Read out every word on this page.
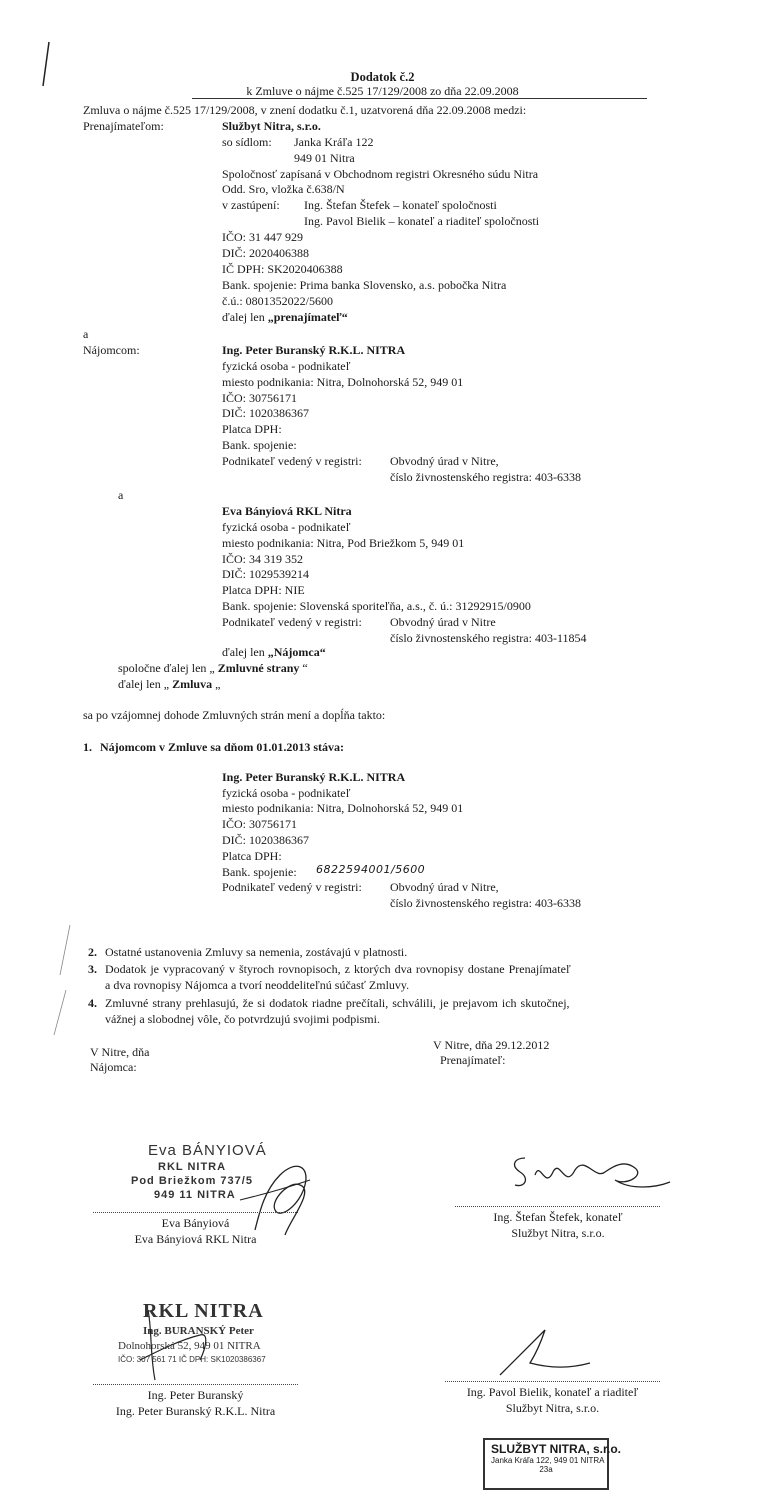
Dodatok č.2
k Zmluve o nájme č.525 17/129/2008 zo dňa 22.09.2008
Zmluva o nájme č.525 17/129/2008, v znení dodatku č.1, uzatvorená dňa 22.09.2008 medzi:
Prenajímateľom:	Službyt Nitra, s.r.o.
so sídlom: Janka Kráľa 122
949 01 Nitra
Spoločnosť zapísaná v Obchodnom registri Okresného súdu Nitra
Odd. Sro, vložka č.638/N
v zastúpení: Ing. Štefan Štefek – konateľ spoločnosti
Ing. Pavol Bielik – konateľ a riaditeľ spoločnosti
IČO: 31 447 929
DIČ: 2020406388
IČ DPH: SK2020406388
Bank. spojenie: Prima banka Slovensko, a.s. pobočka Nitra
č.ú.: 0801352022/5600
ďalej len „prenajímateľ“
a
Nájomcom:	Ing. Peter Buranský R.K.L. NITRA
fyzická osoba - podnikateľ
miesto podnikania: Nitra, Dolnohorská 52, 949 01
IČO: 30756171
DIČ: 1020386367
Platca DPH:
Bank. spojenie:
Podnikateľ vedený v registri: Obvodný úrad v Nitre,
číslo živnostenského registra: 403-6338
a
Eva Bányiová RKL Nitra
fyzická osoba - podnikateľ
miesto podnikania: Nitra, Pod Briežkom 5, 949 01
IČO: 34 319 352
DIČ: 1029539214
Platca DPH: NIE
Bank. spojenie: Slovenská sporiteľňa, a.s., č. ú.: 31292915/0900
Podnikateľ vedený v registri: Obvodný úrad v Nitre
číslo živnostenského registra: 403-11854
ďalej len „Nájomca“
spoločne ďalej len „ Zmluvné strany “
ďalej len „ Zmluva „
sa po vzájomnej dohode Zmluvných strán mení a dopĺňa takto:
1. Nájomcom v Zmluve sa dňom 01.01.2013 stáva:
Ing. Peter Buranský R.K.L. NITRA
fyzická osoba - podnikateľ
miesto podnikania: Nitra, Dolnohorská 52, 949 01
IČO: 30756171
DIČ: 1020386367
Platca DPH:
Bank. spojenie: 6822594001/5600
Podnikateľ vedený v registri: Obvodný úrad v Nitre,
číslo živnostenského registra: 403-6338
2. Ostatné ustanovenia Zmluvy sa nemenia, zostávajú v platnosti.
3. Dodatok je vypracovaný v štyroch rovnopisoch, z ktorých dva rovnopisy dostane Prenajímateľ
a dva rovnopisy Nájomca a tvorí neoddeliteľnú súčasť Zmluvy.
4. Zmluvné strany prehlasujú, že si dodatok riadne prečítali, schválili, je prejavom ich skutočnej,
vážnej a slobodnej vôle, čo potvrdzujú svojimi podpismi.
V Nitre, dňa
Nájomca:
V Nitre, dňa 29.12.2012
Prenajímateľ:
Eva BÁNYIOVÁ
RKL NITRA
Pod Briežkom 737/5
949 11 NITRA
Eva Bányiová
Eva Bányiová RKL Nitra
Ing. Štefan Štefek, konateľ
Službyt Nitra, s.r.o.
RKL NITRA
Ing. BURANSKÝ Peter
Dolnohorská 52, 949 01 NITRA
IČO: 307 561 71 IČ DPH: SK1020386367
Ing. Peter Buranský
Ing. Peter Buranský R.K.L. Nitra
Ing. Pavol Bielik, konateľ a riaditeľ
Službyt Nitra, s.r.o.
SLUŽBYT NITRA, s.r.o.
Janka Kráľa 122, 949 01 NITRA
23a
